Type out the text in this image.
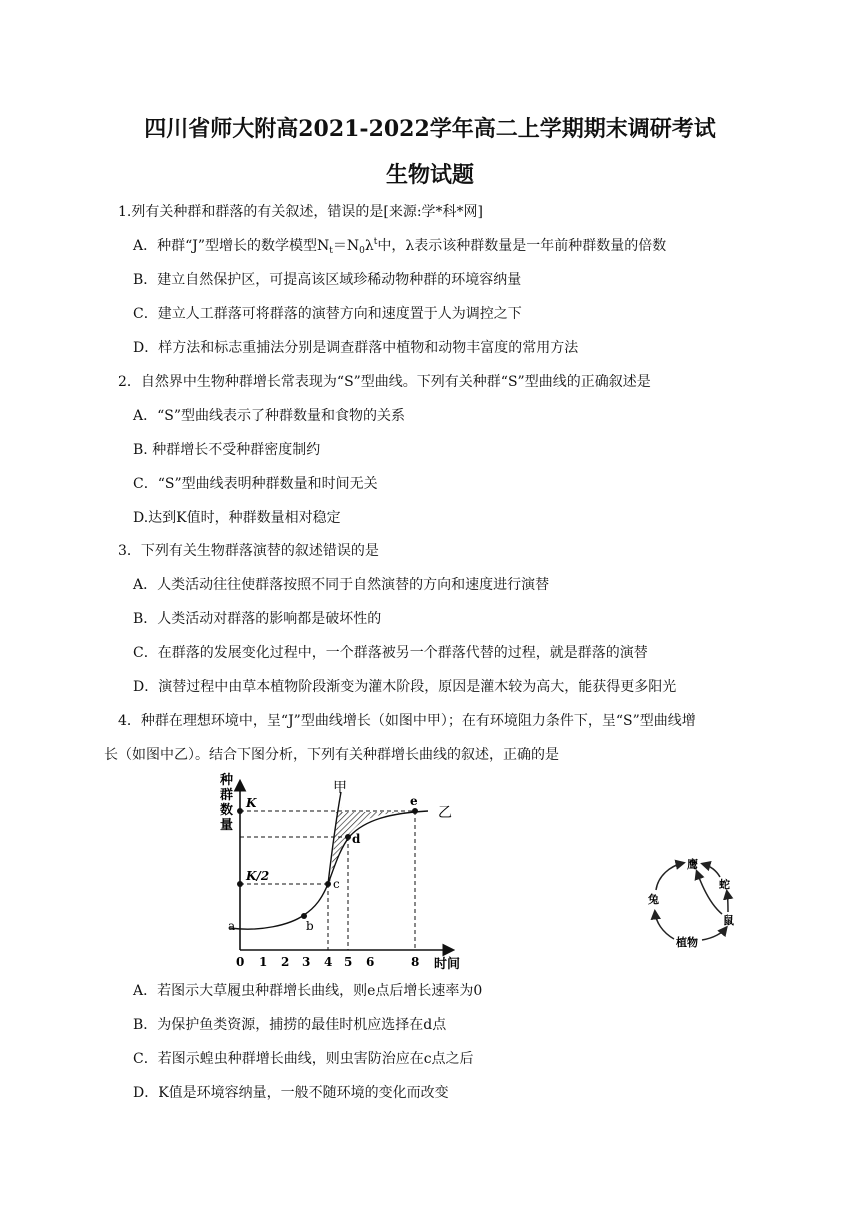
四川省师大附高2021-2022学年高二上学期期末调研考试
生物试题
1.列有关种群和群落的有关叙述，错误的是[来源:学*科*网]
A．种群“J”型增长的数学模型$N_t=N_0\lambda^t$中，λ表示该种群数量是一年前种群数量的倍数
B．建立自然保护区，可提高该区域珍稀动物种群的环境容纳量
C．建立人工群落可将群落的演替方向和速度置于人为调控之下
D．样方法和标志重捕法分别是调查群落中植物和动物丰富度的常用方法
2．自然界中生物种群增长常表现为“S”型曲线。下列有关种群“S”型曲线的正确叙述是
A．“S”型曲线表示了种群数量和食物的关系
B. 种群增长不受种群密度制约
C．“S”型曲线表明种群数量和时间无关
D.达到K值时，种群数量相对稳定
3．下列有关生物群落演替的叙述错误的是
A．人类活动往往使群落按照不同于自然演替的方向和速度进行演替
B．人类活动对群落的影响都是破坏性的
C．在群落的发展变化过程中，一个群落被另一个群落代替的过程，就是群落的演替
D．演替过程中由草本植物阶段渐变为灌木阶段，原因是灌木较为高大，能获得更多阳光
4．种群在理想环境中，呈“J”型曲线增长（如图中甲）；在有环境阻力条件下，呈“S”型曲线增
长（如图中乙）。结合下图分析，下列有关种群增长曲线的叙述，正确的是
种
群
数
量
K
K/2
a	b
c
d
e
甲
乙
0 1 2 3 4 5 6	8 时间
鹰
蛇
鼠
植物
兔
A．若图示大草履虫种群增长曲线，则e点后增长速率为0
B．为保护鱼类资源，捕捞的最佳时机应选择在d点
C．若图示蝗虫种群增长曲线，则虫害防治应在c点之后
D．K值是环境容纳量，一般不随环境的变化而改变
